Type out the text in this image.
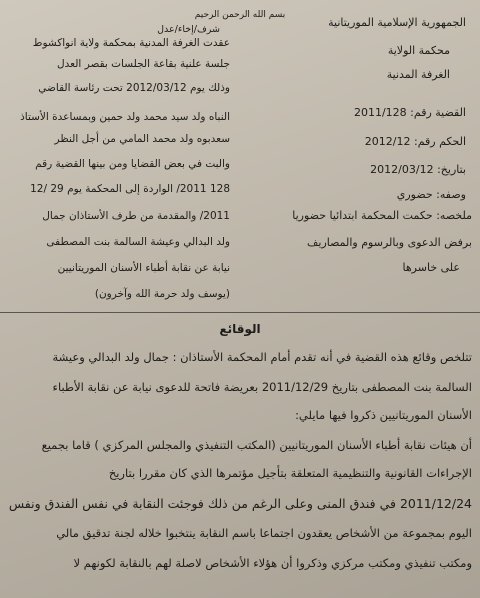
بسم الله الرحمن الرحيم
الجمهورية الإسلامية الموريتانية
شرف/إخاء/عدل
محكمة الولاية
الغرفة المدنية
القضية رقم: 2011/128
الحكم رقم: 2012/12
بتاريخ: 2012/03/12
وصفه: حضوري
ملخصه: حكمت المحكمة ابتدائيا حضوريا
برفض الدعوى وبالرسوم والمصاريف
على خاسرها
عقدت الغرفة المدنية بمحكمة ولاية انواكشوط
جلسة علنية بقاعة الجلسات بقصر العدل
وذلك يوم 2012/03/12 تحت رئاسة القاضي
النباه ولد سيد محمد ولد حمين وبمساعدة الأستاذ
سعدبوه ولد محمد المامي من أجل النظر
والبت في بعض القضايا ومن بينها القضية رقم
128 2011/ الواردة إلى المحكمة يوم 29 /12
2011/ والمقدمة من طرف الأستاذان جمال
ولد البدالي وعيشة السالمة بنت المصطفى
نيابة عن نقابة أطباء الأسنان الموريتانيين
(يوسف ولد حرمة الله وآخرون)
الوقائع
تتلخص وقائع هذه القضية في أنه تقدم أمام المحكمة الأستاذان : جمال ولد البدالي وعيشة
السالمة بنت المصطفى بتاريخ 2011/12/29 بعريضة فاتحة للدعوى نيابة عن نقابة الأطباء
الأسنان الموريتانيين ذكروا فيها مايلي:
أن هيئات نقابة أطباء الأسنان الموريتانيين (المكتب التنفيذي والمجلس المركزي ) قاما بجميع
الإجراءات القانونية والتنظيمية المتعلقة بتأجيل مؤتمرها الذي كان مقررا بتاريخ
2011/12/24 في فندق المنى وعلى الرغم من ذلك فوجئت النقابة في نفس الفندق ونفس
اليوم بمجموعة من الأشخاص يعقدون اجتماعا باسم النقابة ينتخبوا خلاله لجنة تدقيق مالي
ومكتب تنفيذي ومكتب مركزي وذكروا أن هؤلاء الأشخاص لاصلة لهم بالنقابة لكونهم لا
